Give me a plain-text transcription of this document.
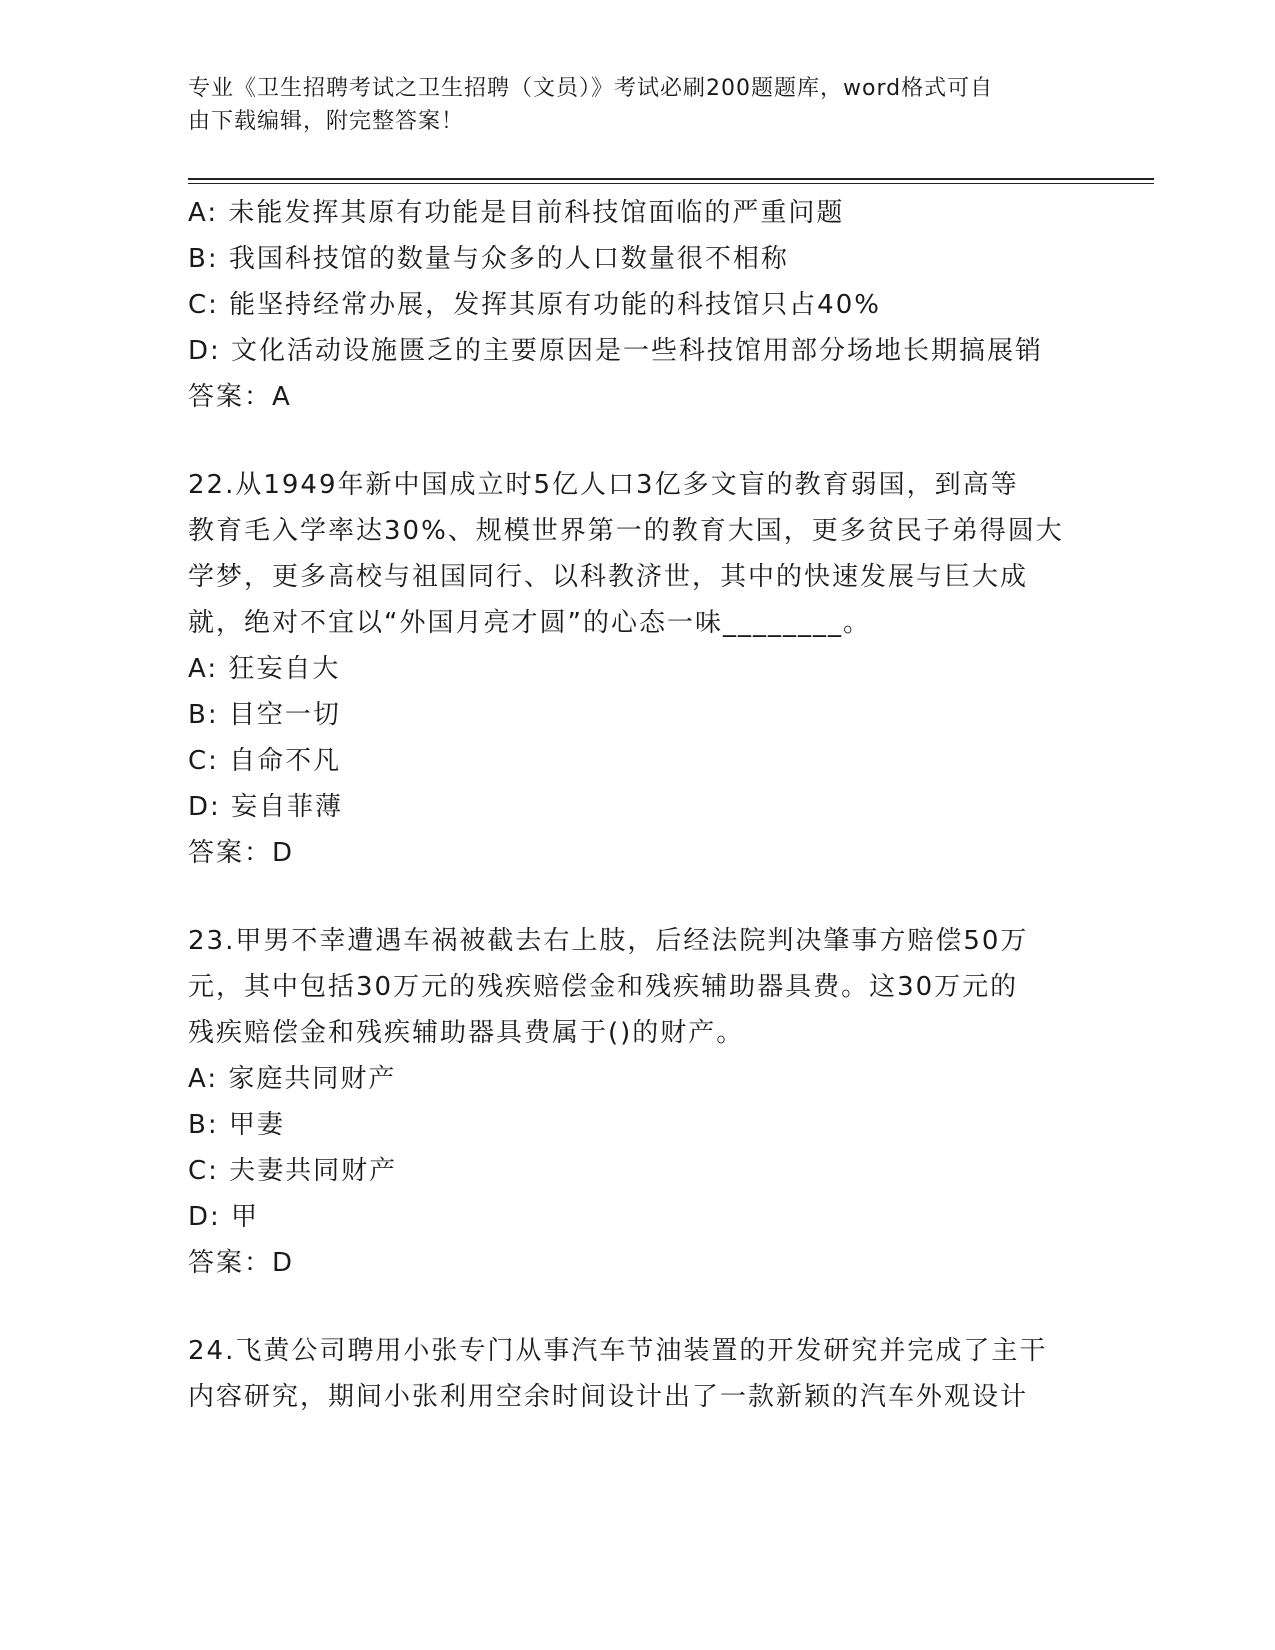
专业《卫生招聘考试之卫生招聘（文员）》考试必刷200题题库，word格式可自
由下载编辑，附完整答案！
A: 未能发挥其原有功能是目前科技馆面临的严重问题
B: 我国科技馆的数量与众多的人口数量很不相称
C: 能坚持经常办展，发挥其原有功能的科技馆只占40%
D: 文化活动设施匮乏的主要原因是一些科技馆用部分场地长期搞展销
答案：A
22.从1949年新中国成立时5亿人口3亿多文盲的教育弱国，到高等
教育毛入学率达30%、规模世界第一的教育大国，更多贫民子弟得圆大
学梦，更多高校与祖国同行、以科教济世，其中的快速发展与巨大成
就，绝对不宜以“外国月亮才圆”的心态一味________。
A: 狂妄自大
B: 目空一切
C: 自命不凡
D: 妄自菲薄
答案：D
23.甲男不幸遭遇车祸被截去右上肢，后经法院判决肇事方赔偿50万
元，其中包括30万元的残疾赔偿金和残疾辅助器具费。这30万元的
残疾赔偿金和残疾辅助器具费属于()的财产。
A: 家庭共同财产
B: 甲妻
C: 夫妻共同财产
D: 甲
答案：D
24.飞黄公司聘用小张专门从事汽车节油装置的开发研究并完成了主干
内容研究，期间小张利用空余时间设计出了一款新颖的汽车外观设计
